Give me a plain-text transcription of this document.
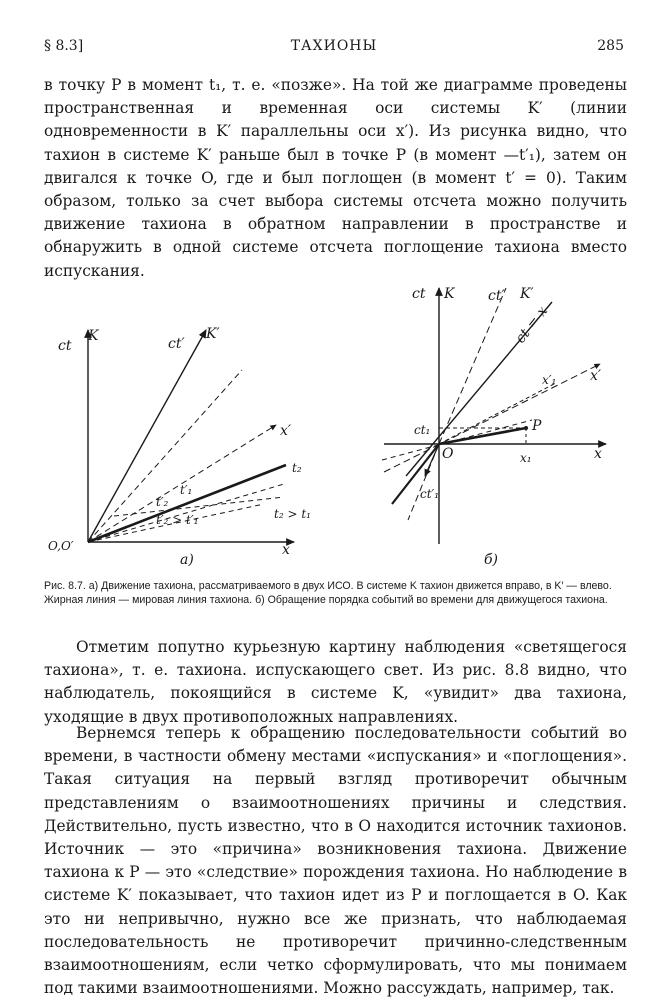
§ 8.3]	ТАХИОНЫ	285

в точку P в момент t₁, т. е. «позже». На той же диаграмме проведены пространственная и временная оси системы K′ (линии одновременности в K′ параллельны оси x′). Из рисунка видно, что тахион в системе K′ раньше был в точке P (в момент —t′₁), затем он двигался к точке O, где и был поглощен (в момент t′ = 0). Таким образом, только за счет выбора системы отсчета можно получить движение тахиона в обратном направлении в пространстве и обнаружить в одной системе отсчета поглощение тахиона вместо испускания.

ct
K	ct′
K′
x′
t₂
t′₁
t′₂
t′₂ > t′₁	t₂ > t₁
O,O′	x
а)
ct K ct′ K′
ct = x
x′₁ x′
ct₁	P
O	x₁	x
ct′₁
б)

Рис. 8.7. а) Движение тахиона, рассматриваемого в двух ИСО. В системе K тахион движется вправо, в K′ — влево. Жирная линия — мировая линия тахиона. б) Обращение порядка событий во времени для движущегося тахиона.

Отметим попутно курьезную картину наблюдения «светящегося тахиона», т. е. тахиона. испускающего свет. Из рис. 8.8 видно, что наблюдатель, покоящийся в системе K, «увидит» два тахиона, уходящие в двух противоположных направлениях.

Вернемся теперь к обращению последовательности событий во времени, в частности обмену местами «испускания» и «поглощения». Такая ситуация на первый взгляд противоречит обычным представлениям о взаимоотношениях причины и следствия. Действительно, пусть известно, что в O находится источник тахионов. Источник — это «причина» возникновения тахиона. Движение тахиона к P — это «следствие» порождения тахиона. Но наблюдение в системе K′ показывает, что тахион идет из P и поглощается в O. Как это ни непривычно, нужно все же признать, что наблюдаемая последовательность не противоречит причинно-следственным взаимоотношениям, если четко сформулировать, что мы понимаем под такими взаимоотношениями. Можно рассуждать, например, так.
